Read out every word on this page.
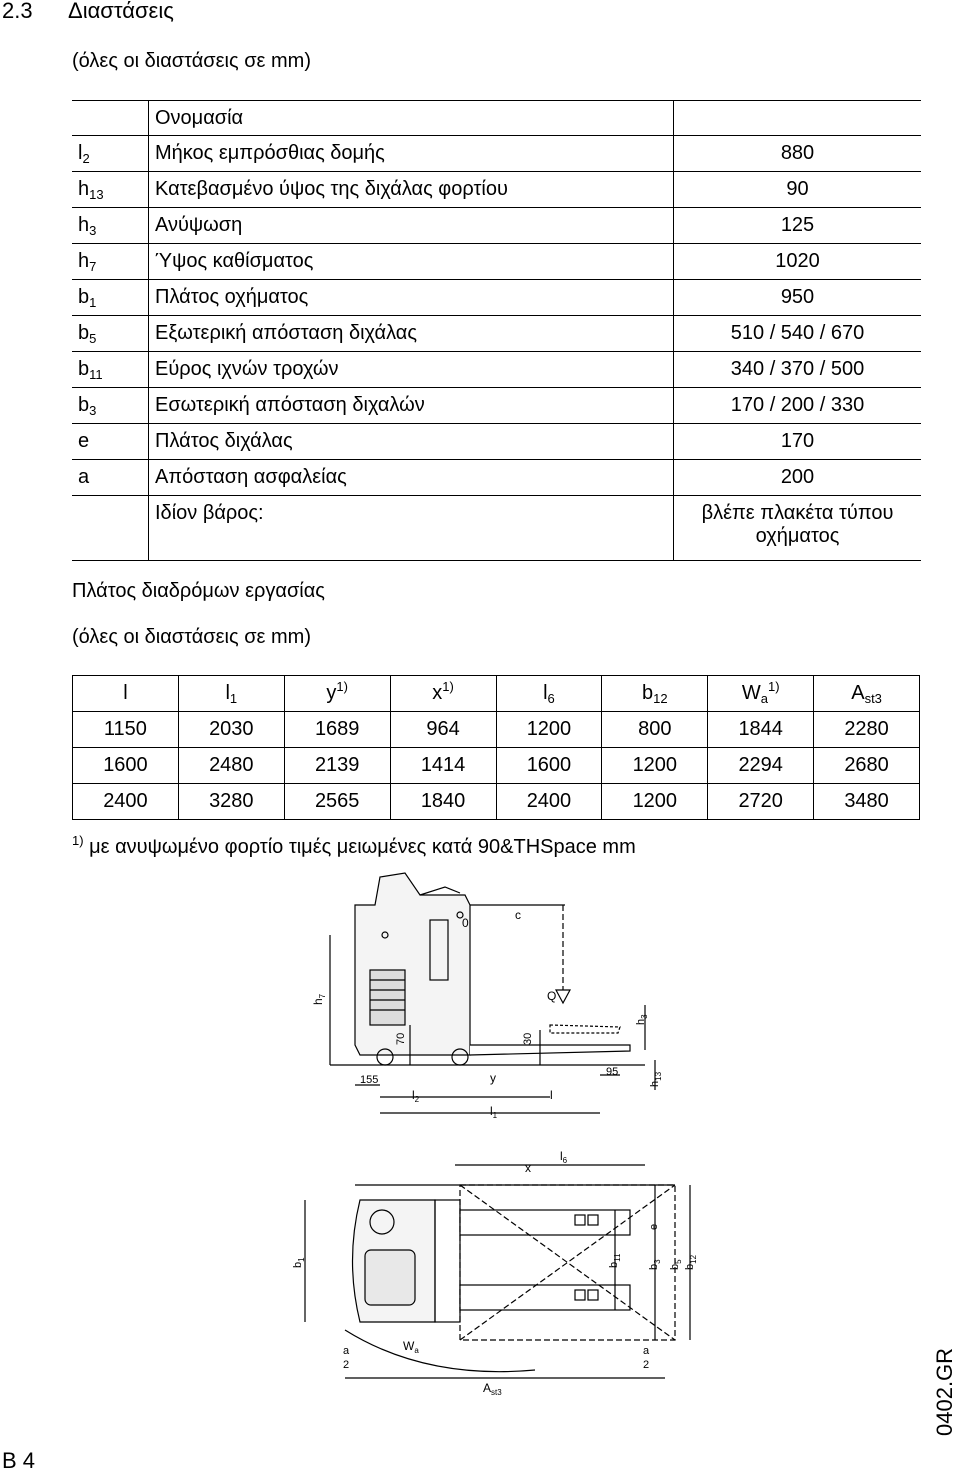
2.3 Διαστάσεις
(όλες οι διαστάσεις σε mm)
	Ονομασία	
$l_2$	Μήκος εμπρόσθιας δομής	880
$h_{13}$	Κατεβασμένο ύψος της διχάλας φορτίου	90
$h_3$	Ανύψωση	125
$h_7$	Ύψος καθίσματος	1020
$b_1$	Πλάτος οχήματος	950
$b_5$	Εξωτερική απόσταση διχάλας	510 / 540 / 670
$b_{11}$	Εύρος ιχνών τροχών	340 / 370 / 500
$b_3$	Εσωτερική απόσταση διχαλών	170 / 200 / 330
e	Πλάτος διχάλας	170
a	Απόσταση ασφαλείας	200
	Ιδίον βάρος:	βλέπε πλακέτα τύπου οχήματος
Πλάτος διαδρόμων εργασίας
(όλες οι διαστάσεις σε mm)
l	$l_1$	$y^{1)}$	$x^{1)}$	$l_6$	$b_{12}$	$W_a^{1)}$	$A_{st3}$
1150	2030	1689	964	1200	800	1844	2280
1600	2480	2139	1414	1600	1200	2294	2680
2400	3280	2565	1840	2400	1200	2720	3480
$^{1)}$ με ανυψωμένο φορτίο τιμές μειωμένες κατά 90&THSpace mm
0
c
$h_7$	Q
$h_3$
70	30
155	y	95
$h_{13}$
$l_2$	l
$l_1$
x
$l_6$
$b_1$
e
$b_{11}$
$b_3$
$b_5$
$b_{12}$
a
2
a
2
$W_a$
$A_{st3}$	0402.GR
B 4
